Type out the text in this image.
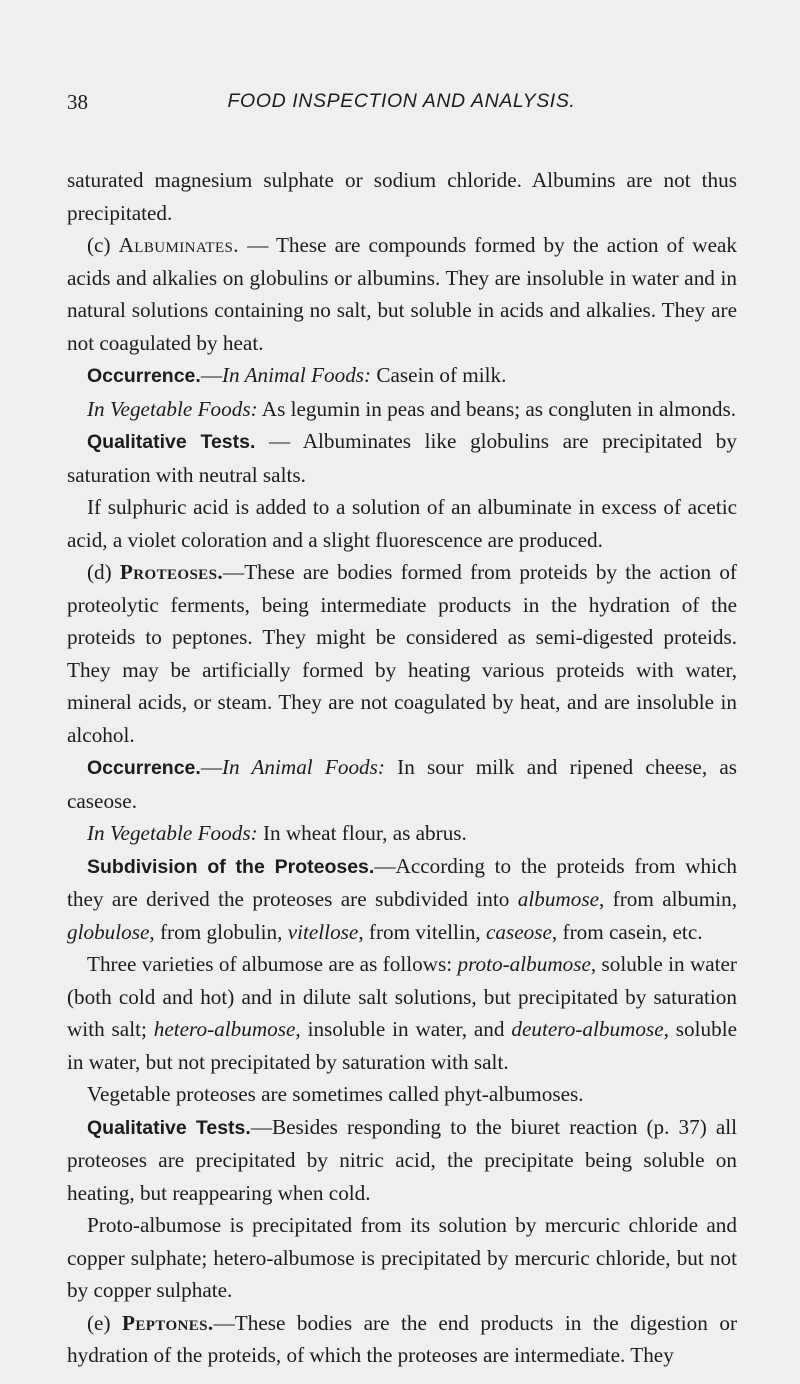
38	FOOD INSPECTION AND ANALYSIS.

saturated magnesium sulphate or sodium chloride. Albumins are not thus precipitated.

(c) Albuminates. — These are compounds formed by the action of weak acids and alkalies on globulins or albumins. They are insoluble in water and in natural solutions containing no salt, but soluble in acids and alkalies. They are not coagulated by heat.

Occurrence.—In Animal Foods: Casein of milk.

In Vegetable Foods: As legumin in peas and beans; as congluten in almonds.

Qualitative Tests. — Albuminates like globulins are precipitated by saturation with neutral salts.

If sulphuric acid is added to a solution of an albuminate in excess of acetic acid, a violet coloration and a slight fluorescence are produced.

(d) Proteoses.—These are bodies formed from proteids by the action of proteolytic ferments, being intermediate products in the hydration of the proteids to peptones. They might be considered as semi-digested proteids. They may be artificially formed by heating various proteids with water, mineral acids, or steam. They are not coagulated by heat, and are insoluble in alcohol.

Occurrence.—In Animal Foods: In sour milk and ripened cheese, as caseose.

In Vegetable Foods: In wheat flour, as abrus.

Subdivision of the Proteoses.—According to the proteids from which they are derived the proteoses are subdivided into albumose, from albumin, globulose, from globulin, vitellose, from vitellin, caseose, from casein, etc.

Three varieties of albumose are as follows: proto-albumose, soluble in water (both cold and hot) and in dilute salt solutions, but precipitated by saturation with salt; hetero-albumose, insoluble in water, and deutero-albumose, soluble in water, but not precipitated by saturation with salt.

Vegetable proteoses are sometimes called phyt-albumoses.

Qualitative Tests.—Besides responding to the biuret reaction (p. 37) all proteoses are precipitated by nitric acid, the precipitate being soluble on heating, but reappearing when cold.

Proto-albumose is precipitated from its solution by mercuric chloride and copper sulphate; hetero-albumose is precipitated by mercuric chloride, but not by copper sulphate.

(e) Peptones.—These bodies are the end products in the digestion or hydration of the proteids, of which the proteoses are intermediate. They
